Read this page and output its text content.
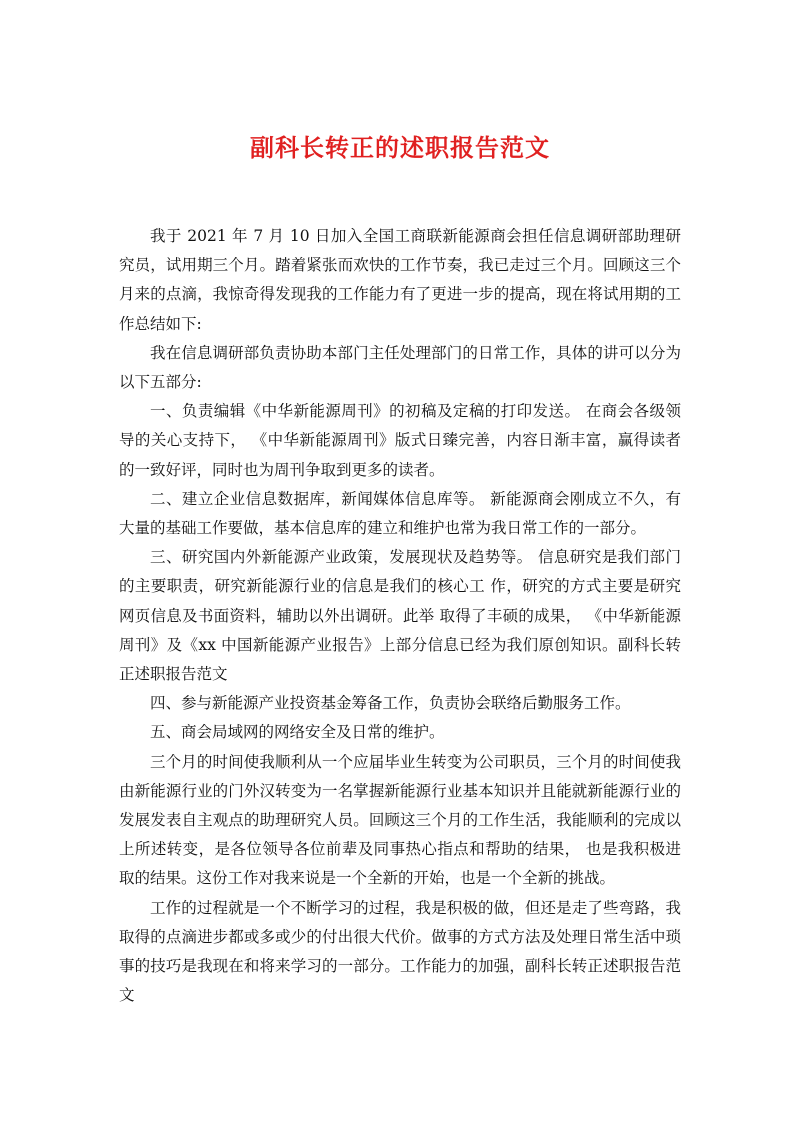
副科长转正的述职报告范文

我于 2021 年 7 月 10 日加入全国工商联新能源商会担任信息调研部助理研究员，试用期三个月。踏着紧张而欢快的工作节奏，我已走过三个月。回顾这三个月来的点滴，我惊奇得发现我的工作能力有了更进一步的提高，现在将试用期的工作总结如下:

我在信息调研部负责协助本部门主任处理部门的日常工作，具体的讲可以分为以下五部分:

一、负责编辑《中华新能源周刊》的初稿及定稿的打印发送。 在商会各级领导的关心支持下， 《中华新能源周刊》版式日臻完善，内容日渐丰富，赢得读者的一致好评，同时也为周刊争取到更多的读者。

二、建立企业信息数据库，新闻媒体信息库等。 新能源商会刚成立不久，有大量的基础工作要做，基本信息库的建立和维护也常为我日常工作的一部分。

三、研究国内外新能源产业政策，发展现状及趋势等。 信息研究是我们部门的主要职责，研究新能源行业的信息是我们的核心工 作，研究的方式主要是研究网页信息及书面资料，辅助以外出调研。此举 取得了丰硕的成果， 《中华新能源周刊》及《xx 中国新能源产业报告》上部分信息已经为我们原创知识。副科长转正述职报告范文

四、参与新能源产业投资基金筹备工作，负责协会联络后勤服务工作。

五、商会局域网的网络安全及日常的维护。

三个月的时间使我顺利从一个应届毕业生转变为公司职员，三个月的时间使我由新能源行业的门外汉转变为一名掌握新能源行业基本知识并且能就新能源行业的发展发表自主观点的助理研究人员。回顾这三个月的工作生活，我能顺利的完成以上所述转变，是各位领导各位前辈及同事热心指点和帮助的结果， 也是我积极进取的结果。这份工作对我来说是一个全新的开始，也是一个全新的挑战。

工作的过程就是一个不断学习的过程，我是积极的做，但还是走了些弯路，我取得的点滴进步都或多或少的付出很大代价。做事的方式方法及处理日常生活中琐事的技巧是我现在和将来学习的一部分。工作能力的加强，副科长转正述职报告范文
